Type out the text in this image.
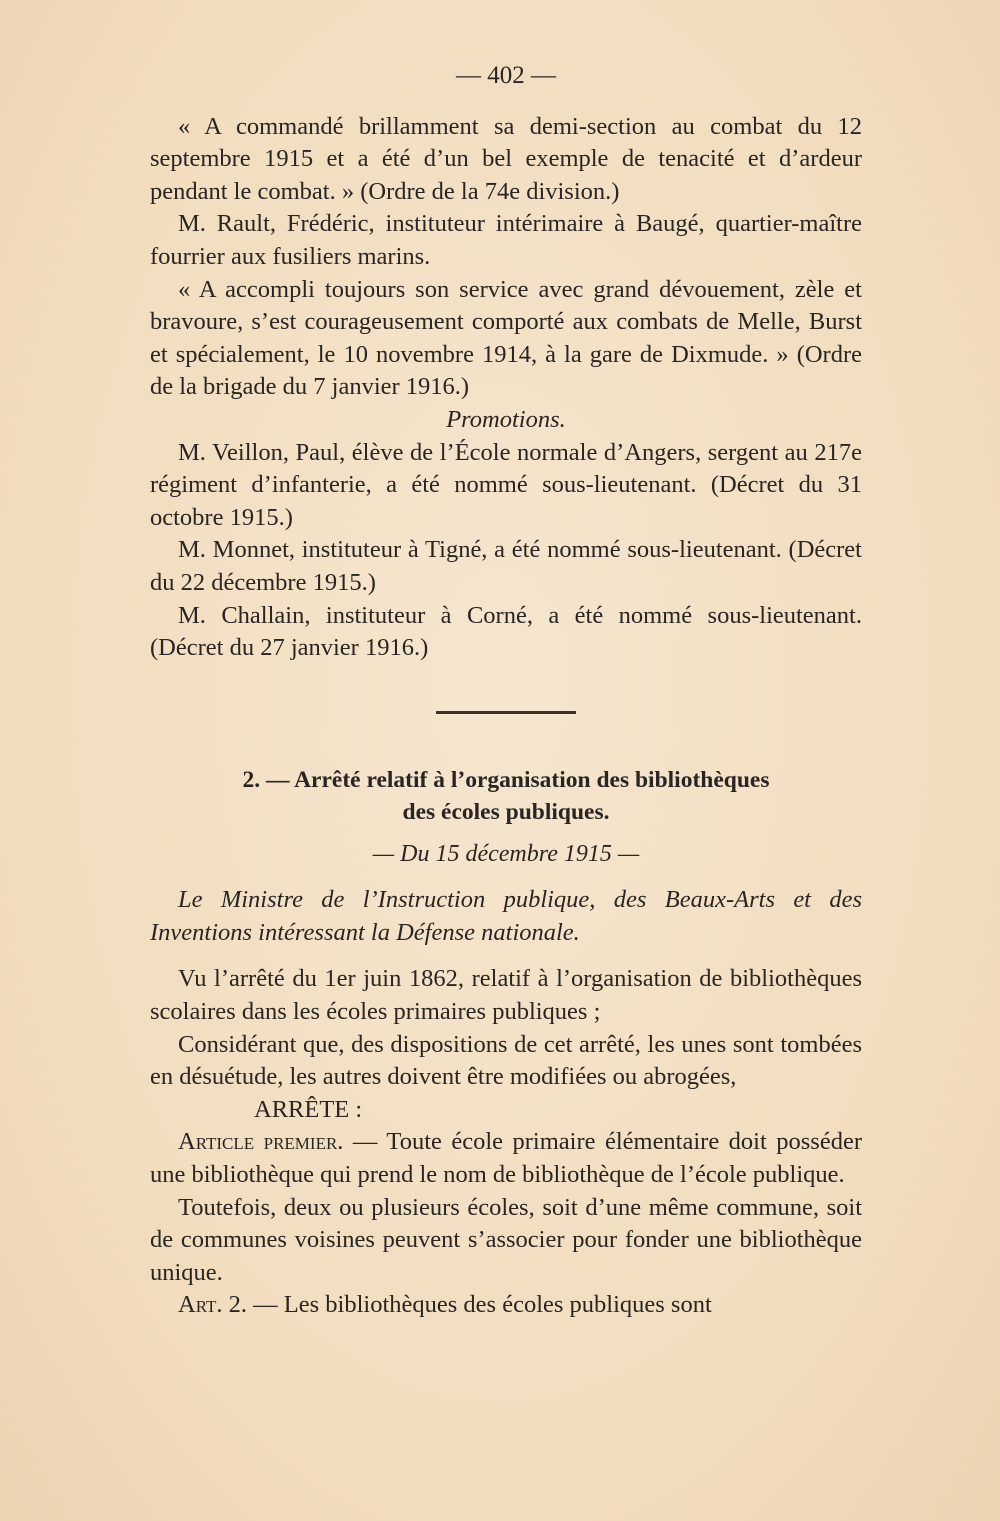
— 402 —

« A commandé brillamment sa demi-section au combat du 12 septembre 1915 et a été d’un bel exemple de tenacité et d’ardeur pendant le combat. » (Ordre de la 74e division.)

M. Rault, Frédéric, instituteur intérimaire à Baugé, quartier-maître fourrier aux fusiliers marins.

« A accompli toujours son service avec grand dévouement, zèle et bravoure, s’est courageusement comporté aux combats de Melle, Burst et spécialement, le 10 novembre 1914, à la gare de Dixmude. » (Ordre de la brigade du 7 janvier 1916.)

Promotions.

M. Veillon, Paul, élève de l’École normale d’Angers, sergent au 217e régiment d’infanterie, a été nommé sous-lieutenant. (Décret du 31 octobre 1915.)

M. Monnet, instituteur à Tigné, a été nommé sous-lieutenant. (Décret du 22 décembre 1915.)

M. Challain, instituteur à Corné, a été nommé sous-lieutenant. (Décret du 27 janvier 1916.)

2. — Arrêté relatif à l’organisation des bibliothèques
des écoles publiques.
— Du 15 décembre 1915 —

Le Ministre de l’Instruction publique, des Beaux-Arts et des Inventions intéressant la Défense nationale.

Vu l’arrêté du 1er juin 1862, relatif à l’organisation de bibliothèques scolaires dans les écoles primaires publiques ;

Considérant que, des dispositions de cet arrêté, les unes sont tombées en désuétude, les autres doivent être modifiées ou abrogées,

ARRÊTE :

Article premier. — Toute école primaire élémentaire doit posséder une bibliothèque qui prend le nom de bibliothèque de l’école publique.

Toutefois, deux ou plusieurs écoles, soit d’une même commune, soit de communes voisines peuvent s’associer pour fonder une bibliothèque unique.

Art. 2. — Les bibliothèques des écoles publiques sont
